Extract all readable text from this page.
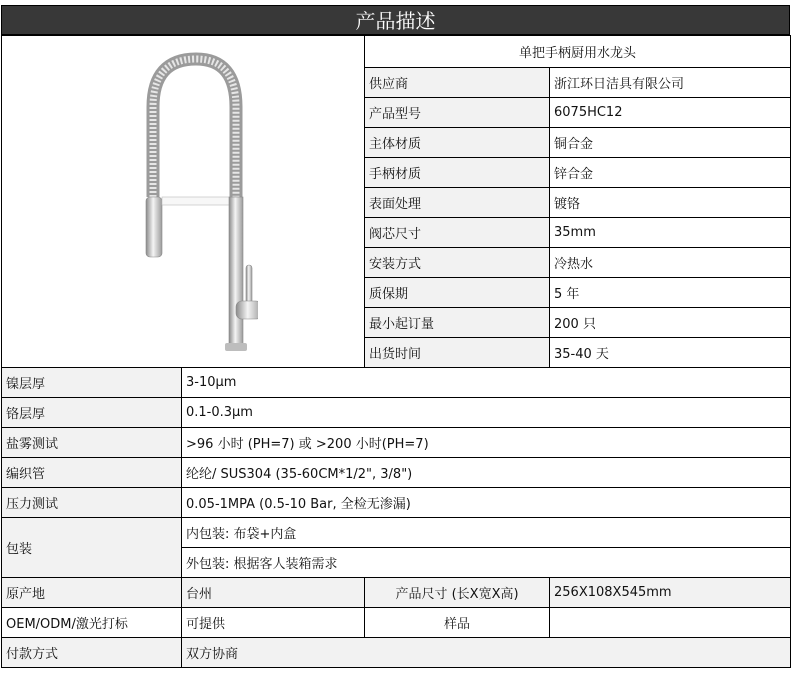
产品描述
	单把手柄厨用水龙头	
		供应商	浙江环日洁具有限公司
		产品型号	6075HC12
		主体材质	铜合金
		手柄材质	锌合金
		表面处理	镀铬
		阀芯尺寸	35mm
		安装方式	冷热水
		质保期	5 年
		最小起订量	200 只
		出货时间	35-40 天
镍层厚	3-10µm		
铬层厚	0.1-0.3µm		
盐雾测试	>96 小时 (PH=7) 或 >200 小时(PH=7)		
编织管	纶纶/ SUS304 (35-60CM*1/2", 3/8")		
压力测试	0.05-1MPA (0.5-10 Bar, 全检无渗漏)		
包装	内包装: 布袋+内盒		
	外包装: 根据客人装箱需求		
原产地	台州	产品尺寸 (长X宽X高)	256X108X545mm
OEM/ODM/激光打标	可提供	样品	
付款方式	双方协商		
